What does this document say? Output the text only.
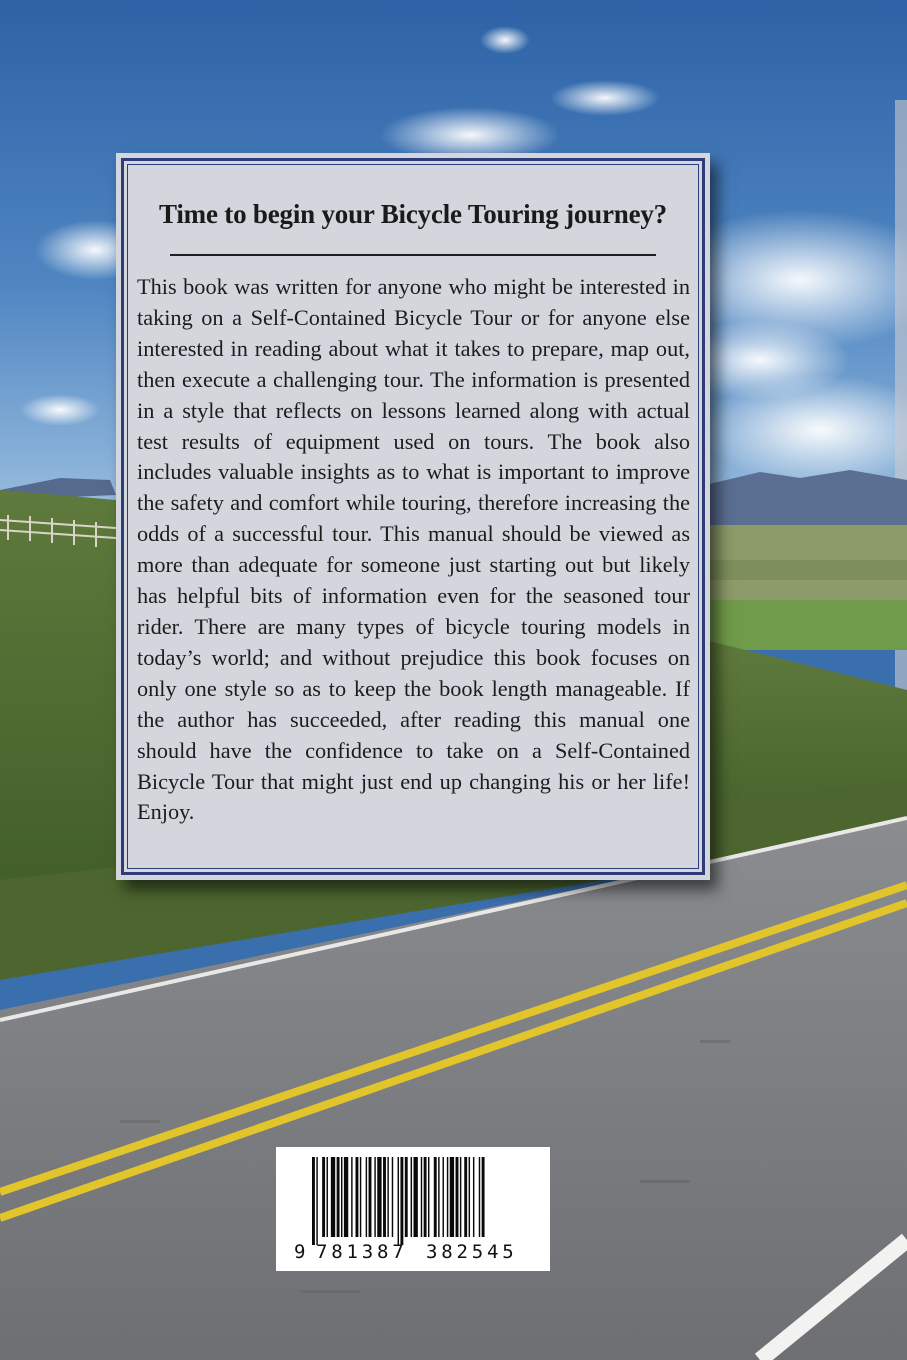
Time to begin your Bicycle Touring journey?

This book was written for anyone who might be interested in taking on a Self-Contained Bicycle Tour or for anyone else interested in reading about what it takes to prepare, map out, then execute a challenging tour. The information is presented in a style that reflects on lessons learned along with actual test results of equipment used on tours. The book also includes valuable insights as to what is important to improve the safety and comfort while touring, therefore increasing the odds of a successful tour. This manual should be viewed as more than adequate for someone just starting out but likely has helpful bits of information even for the seasoned tour rider. There are many types of bicycle touring models in today’s world; and without prejudice this book focuses on only one style so as to keep the book length manageable. If the author has succeeded, after reading this manual one should have the confidence to take on a Self-Contained Bicycle Tour that might just end up changing his or her life! Enjoy.

9 781387 382545
